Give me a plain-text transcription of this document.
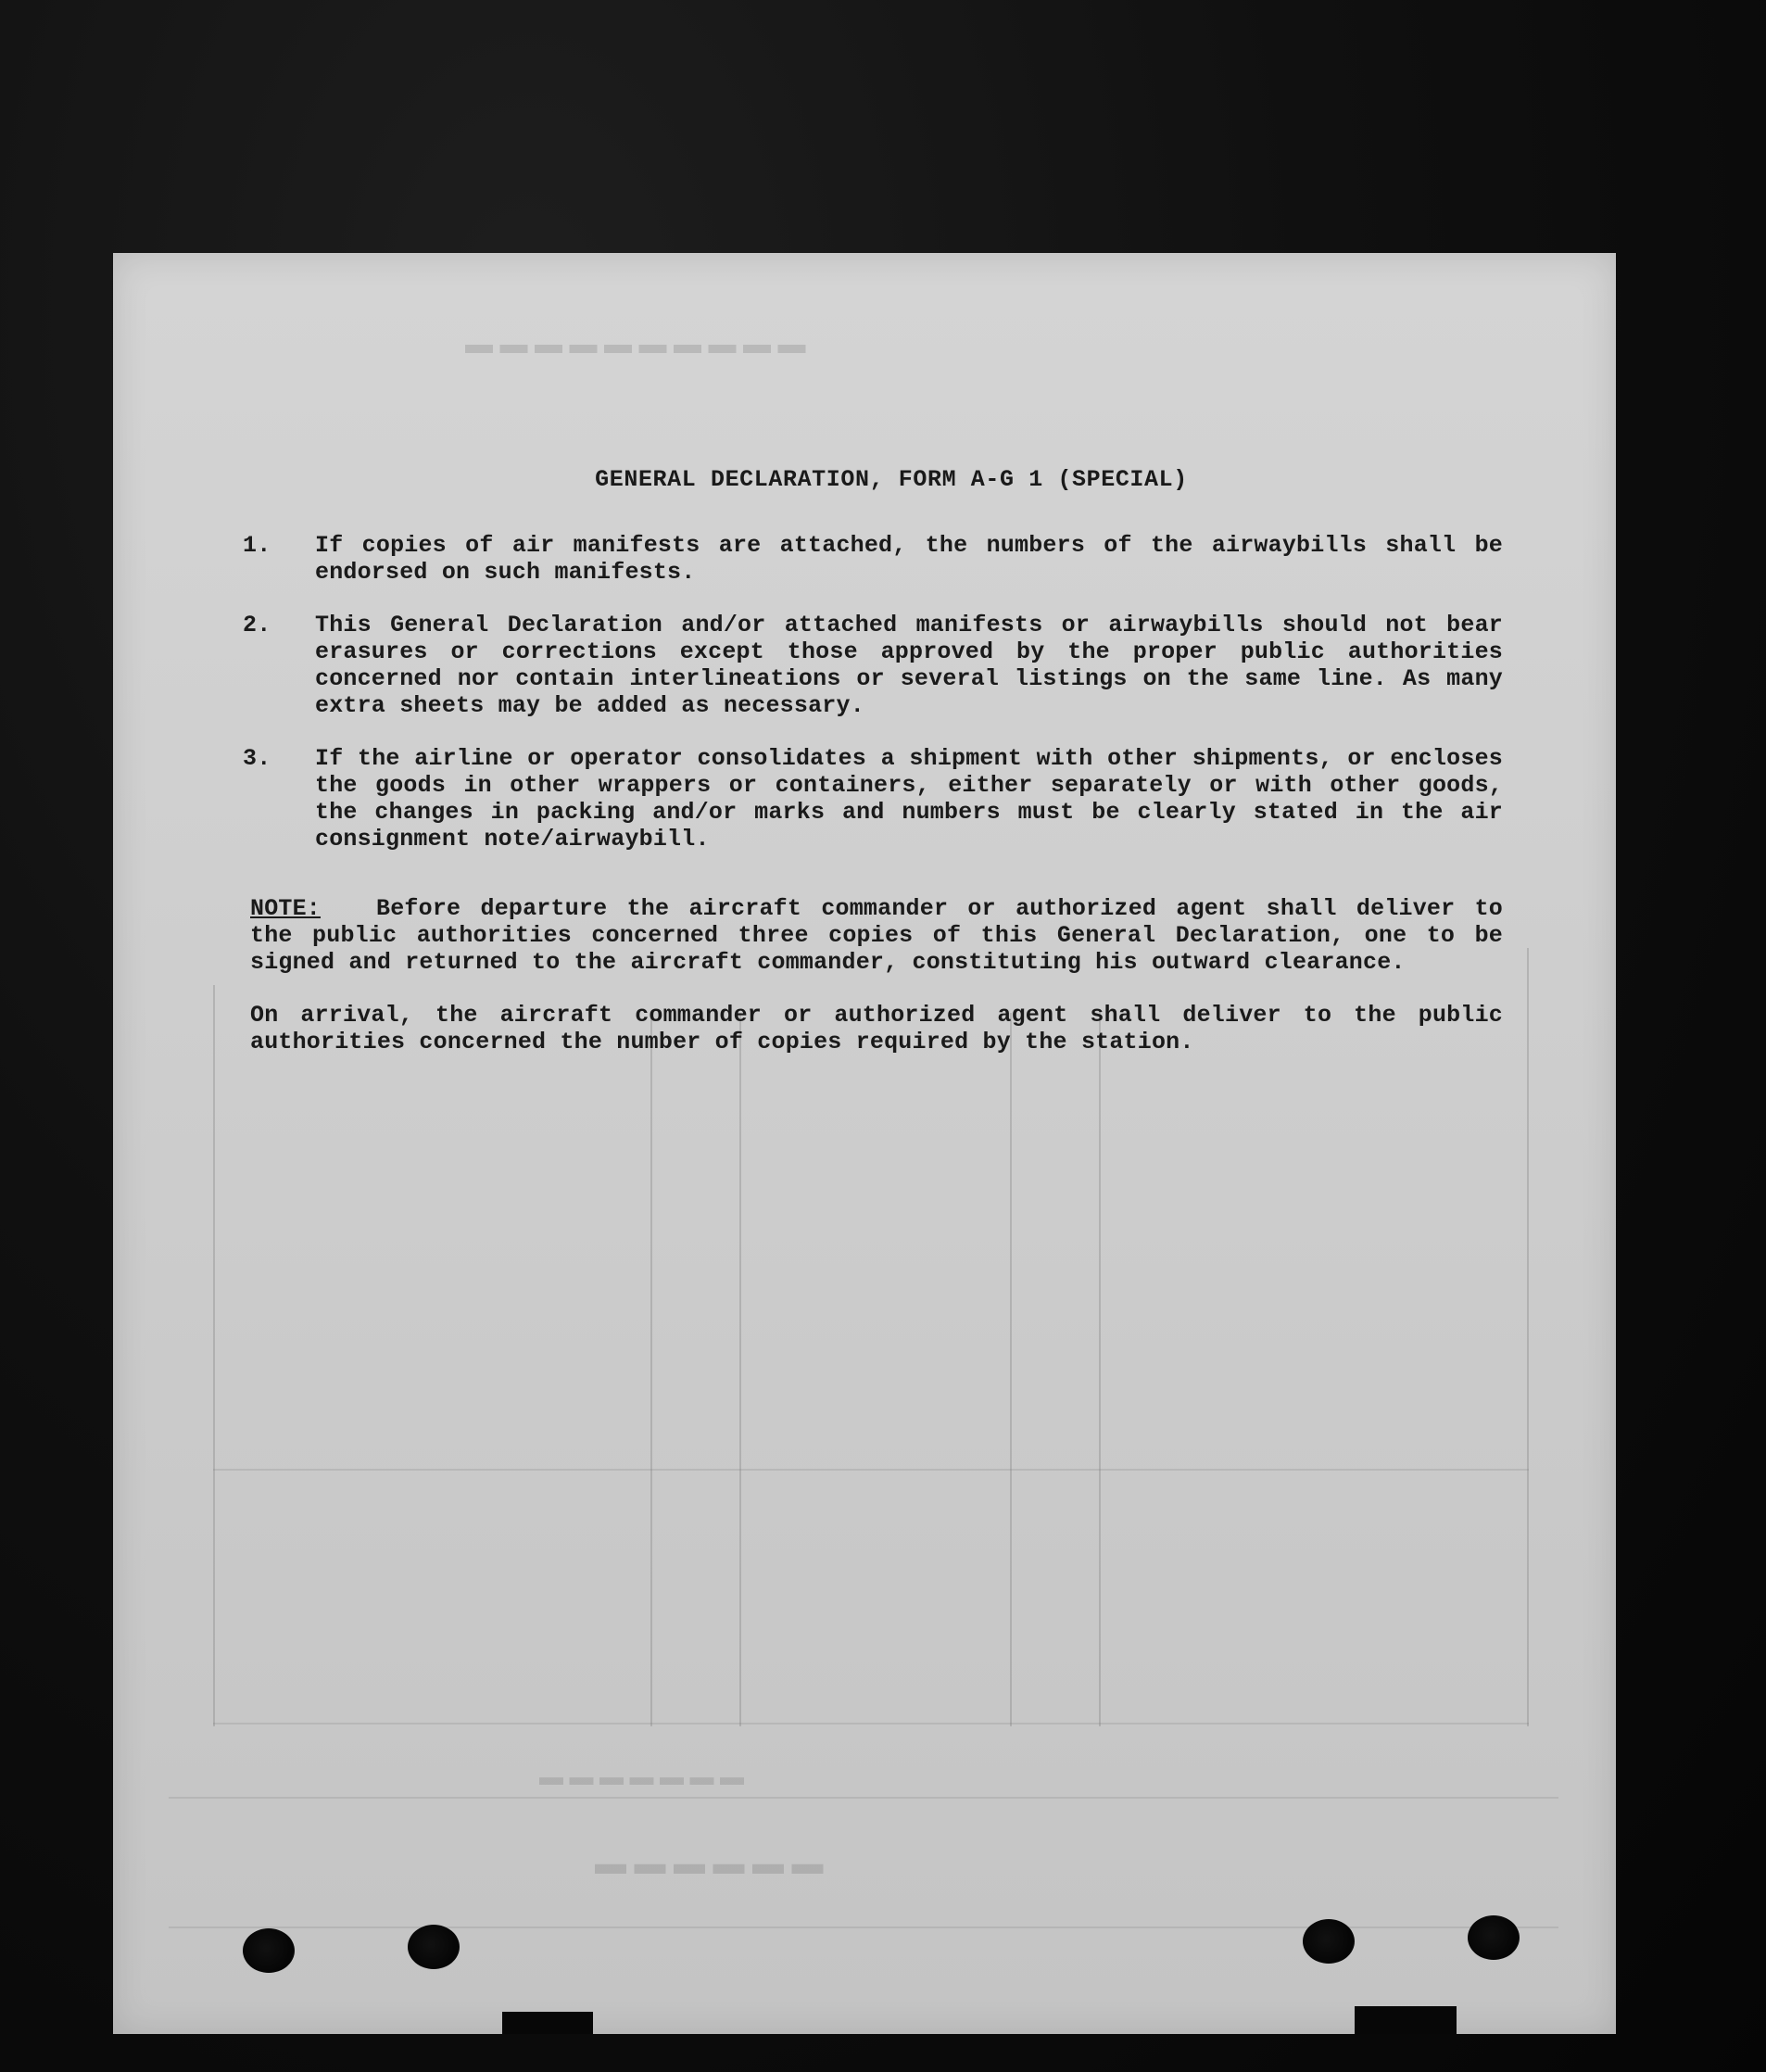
▬ ▬ ▬ ▬ ▬ ▬ ▬ ▬ ▬ ▬
▬ ▬ ▬ ▬ ▬ ▬ ▬
▬ ▬ ▬ ▬ ▬ ▬
GENERAL DECLARATION, FORM A-G 1 (SPECIAL)
1.	If copies of air manifests are attached, the numbers of the airwaybills shall be endorsed on such manifests.
2.	This General Declaration and/or attached manifests or airwaybills should not bear erasures or corrections except those approved by the proper public authorities concerned nor contain interlineations or several listings on the same line. As many extra sheets may be added as necessary.
3.	If the airline or operator consolidates a shipment with other shipments, or encloses the goods in other wrappers or containers, either separately or with other goods, the changes in packing and/or marks and numbers must be clearly stated in the air consignment note/airwaybill.
NOTE: Before departure the aircraft commander or authorized agent shall deliver to the public authorities concerned three copies of this General Declaration, one to be signed and returned to the aircraft commander, constituting his outward clearance.
On arrival, the aircraft commander or authorized agent shall deliver to the public authorities concerned the number of copies required by the station.
